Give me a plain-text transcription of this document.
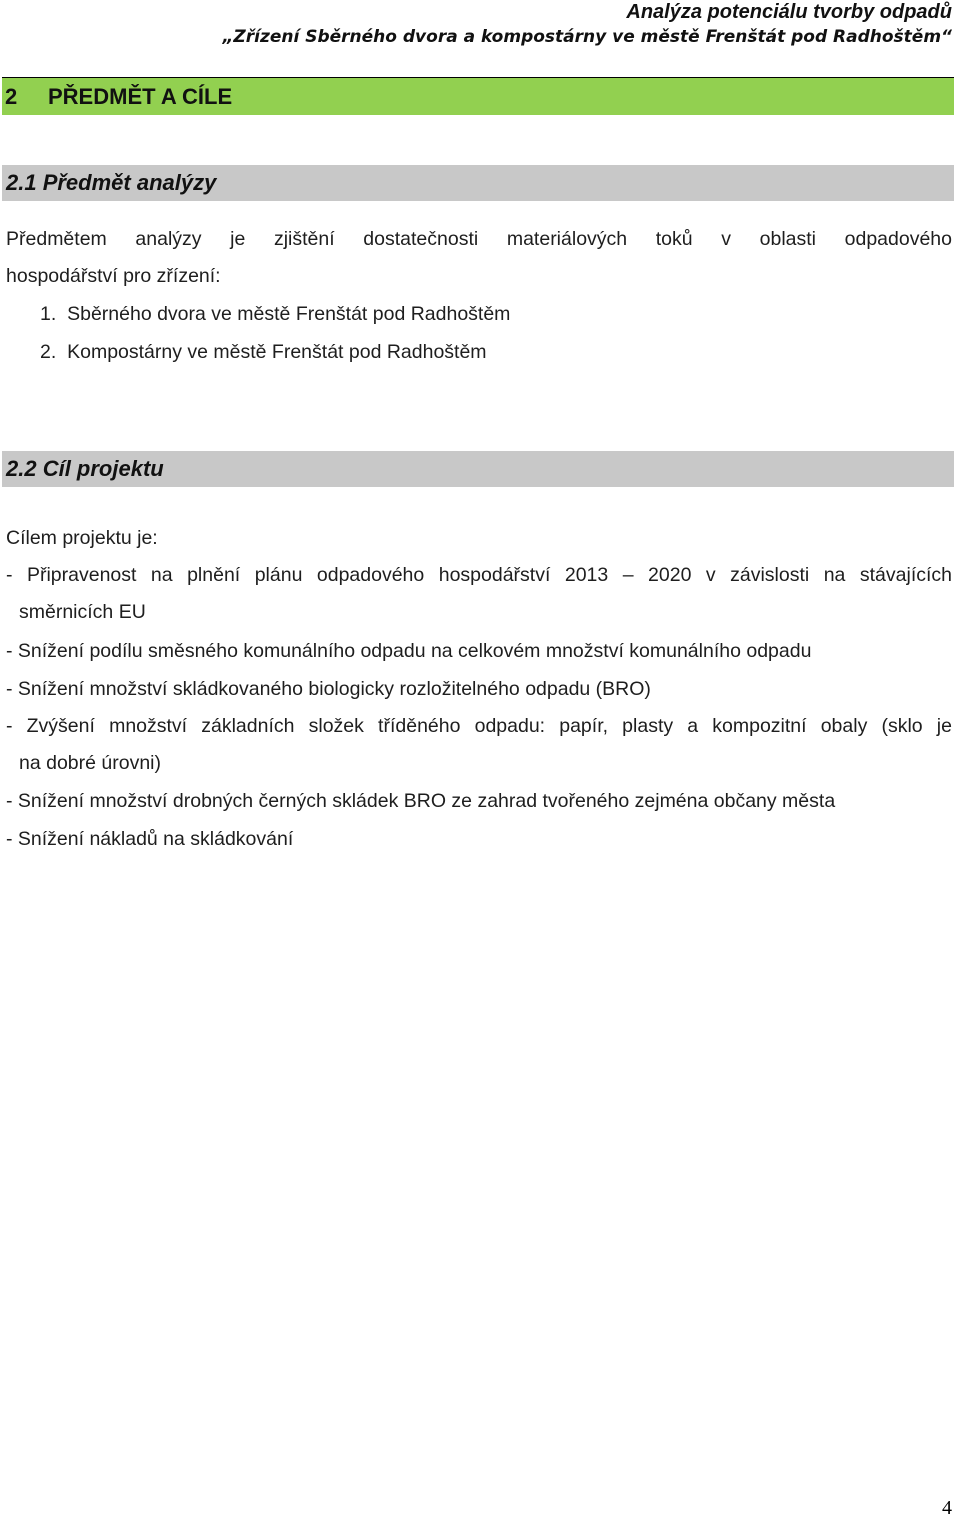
Analýza potenciálu tvorby odpadů
„Zřízení Sběrného dvora a kompostárny ve městě Frenštát pod Radhoštěm“
2 PŘEDMĚT A CÍLE
2.1 Předmět analýzy
Předmětem analýzy je zjištění dostatečnosti materiálových toků v oblasti odpadového
hospodářství pro zřízení:
1.  Sběrného dvora ve městě Frenštát pod Radhoštěm
2.  Kompostárny ve městě Frenštát pod Radhoštěm
2.2 Cíl projektu
Cílem projektu je:
- Připravenost na plnění plánu odpadového hospodářství 2013 – 2020 v závislosti na stávajících
směrnicích EU
- Snížení podílu směsného komunálního odpadu na celkovém množství komunálního odpadu
- Snížení množství skládkovaného biologicky rozložitelného odpadu (BRO)
- Zvýšení množství základních složek tříděného odpadu: papír, plasty a kompozitní obaly (sklo je
na dobré úrovni)
- Snížení množství drobných černých skládek BRO ze zahrad tvořeného zejména občany města
- Snížení nákladů na skládkování
4
